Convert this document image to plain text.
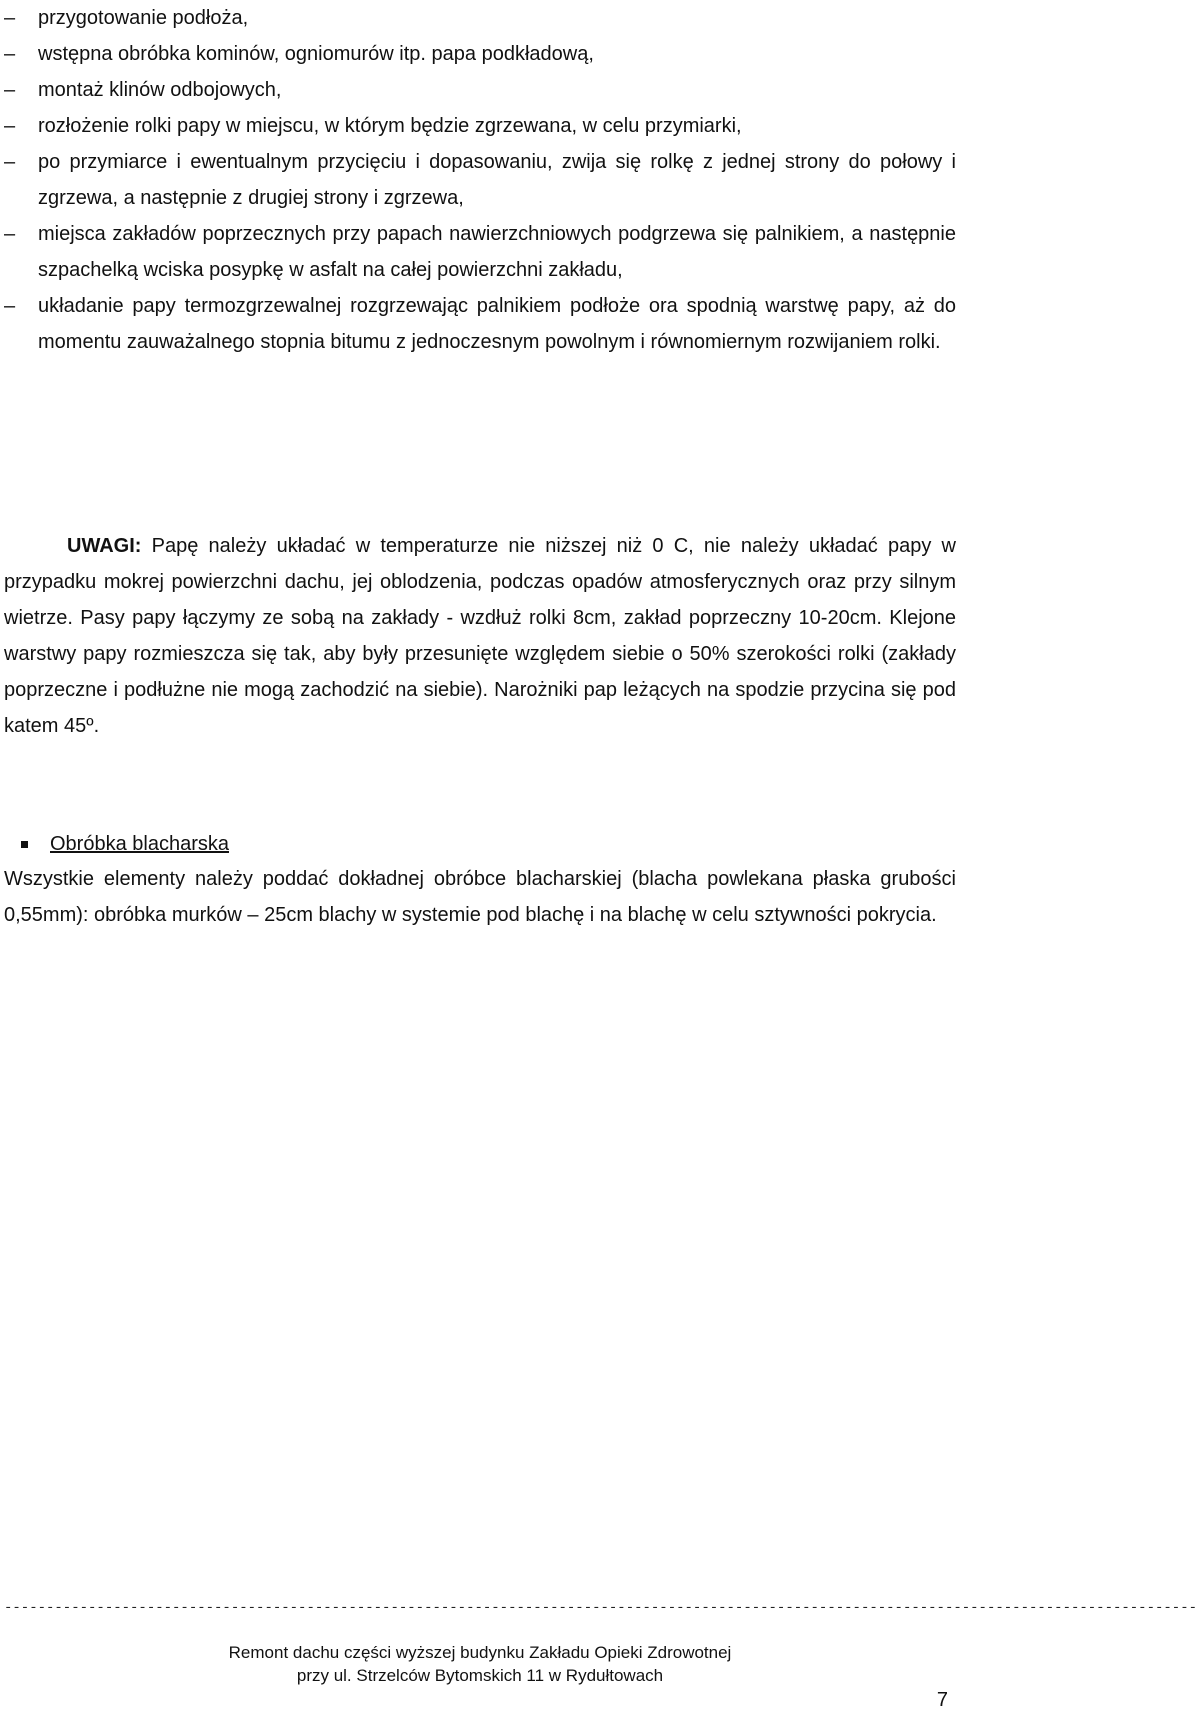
–	przygotowanie podłoża,
–	wstępna obróbka kominów, ogniomurów itp. papa podkładową,
–	montaż klinów odbojowych,
–	rozłożenie rolki papy w miejscu, w którym będzie zgrzewana, w celu przymiarki,
–	po przymiarce i ewentualnym przycięciu i dopasowaniu, zwija się rolkę z jednej strony do połowy i zgrzewa, a następnie z drugiej strony i zgrzewa,
–	miejsca zakładów poprzecznych przy papach nawierzchniowych podgrzewa się palnikiem, a następnie szpachelką wciska posypkę w asfalt na całej powierzchni zakładu,
–	układanie papy termozgrzewalnej rozgrzewając palnikiem podłoże ora spodnią warstwę papy, aż do momentu zauważalnego stopnia bitumu z jednoczesnym powolnym i równomiernym rozwijaniem rolki.

UWAGI: Papę należy układać w temperaturze nie niższej niż 0 C, nie należy układać papy w przypadku mokrej powierzchni dachu, jej oblodzenia, podczas opadów atmosferycznych oraz przy silnym wietrze. Pasy papy łączymy ze sobą na zakłady - wzdłuż rolki 8cm, zakład poprzeczny 10-20cm. Klejone warstwy papy rozmieszcza się tak, aby były przesunięte względem siebie o 50% szerokości rolki (zakłady poprzeczne i podłużne nie mogą zachodzić na siebie). Narożniki pap leżących na spodzie przycina się pod katem 45º.

Obróbka blacharska

Wszystkie elementy należy poddać dokładnej obróbce blacharskiej (blacha powlekana płaska grubości 0,55mm): obróbka murków – 25cm blachy w systemie pod blachę i na blachę w celu sztywności pokrycia.

----------------------------------------------------------------------------------------------------------------------------------------------
Remont dachu części wyższej budynku Zakładu Opieki Zdrowotnej
przy ul. Strzelców Bytomskich 11 w Rydułtowach
7
